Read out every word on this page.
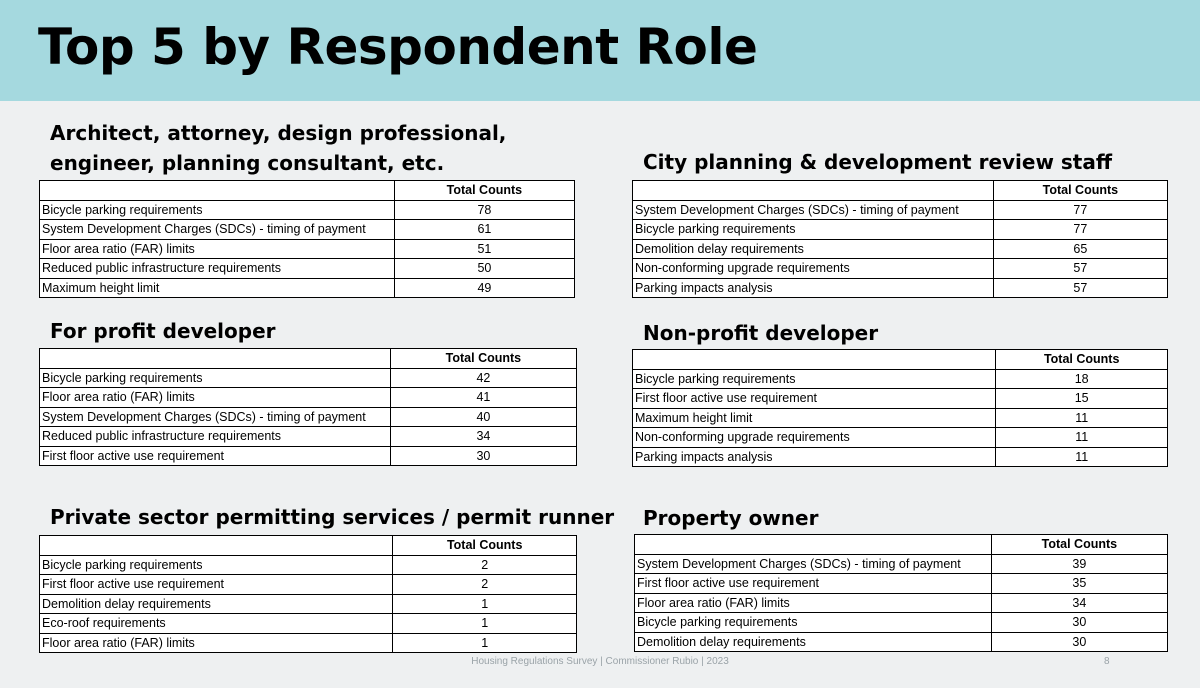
Top 5 by Respondent Role
Architect, attorney, design professional,
engineer, planning consultant, etc.
	Total Counts
Bicycle parking requirements	78
System Development Charges (SDCs) - timing of payment	61
Floor area ratio (FAR) limits	51
Reduced public infrastructure requirements	50
Maximum height limit	49
City planning & development review staff
	Total Counts
System Development Charges (SDCs) - timing of payment	77
Bicycle parking requirements	77
Demolition delay requirements	65
Non-conforming upgrade requirements	57
Parking impacts analysis	57
For profit developer
	Total Counts
Bicycle parking requirements	42
Floor area ratio (FAR) limits	41
System Development Charges (SDCs) - timing of payment	40
Reduced public infrastructure requirements	34
First floor active use requirement	30
Non-profit developer
	Total Counts
Bicycle parking requirements	18
First floor active use requirement	15
Maximum height limit	11
Non-conforming upgrade requirements	11
Parking impacts analysis	11
Private sector permitting services / permit runner
	Total Counts
Bicycle parking requirements	2
First floor active use requirement	2
Demolition delay requirements	1
Eco-roof requirements	1
Floor area ratio (FAR) limits	1
Property owner
	Total Counts
System Development Charges (SDCs) - timing of payment	39
First floor active use requirement	35
Floor area ratio (FAR) limits	34
Bicycle parking requirements	30
Demolition delay requirements	30
Housing Regulations Survey | Commissioner Rubio | 2023	8
